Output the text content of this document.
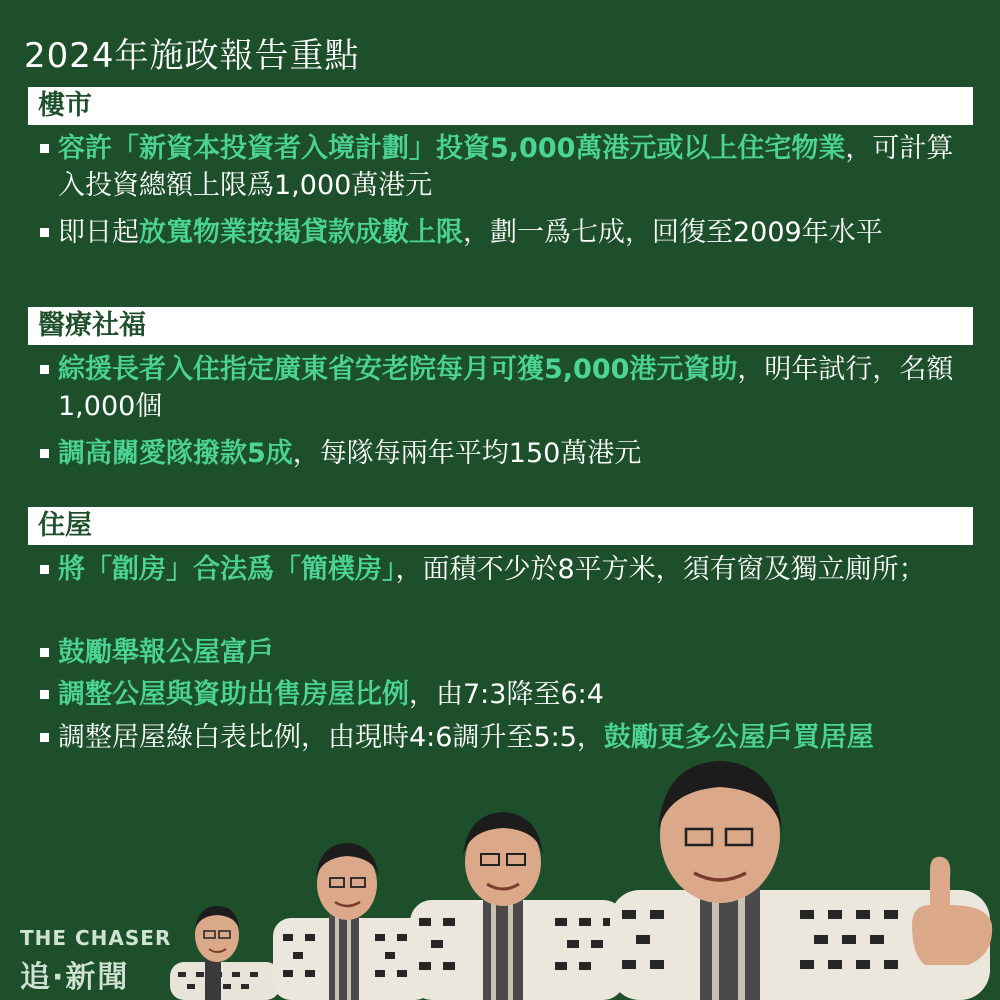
2024年施政報告重點
樓市
容許「新資本投資者入境計劃」投資5,000萬港元或以上住宅物業，可計算入投資總額上限爲1,000萬港元
即日起放寬物業按揭貸款成數上限，劃一爲七成，回復至2009年水平
醫療社福
綜援長者入住指定廣東省安老院每月可獲5,000港元資助，明年試行，名額1,000個
調高關愛隊撥款5成，每隊每兩年平均150萬港元
住屋
將「劏房」合法爲「簡樸房」，面積不少於8平方米，須有窗及獨立廁所；
鼓勵舉報公屋富戶
調整公屋與資助出售房屋比例，由7:3降至6:4
調整居屋綠白表比例，由現時4:6調升至5:5，鼓勵更多公屋戶買居屋
THE CHASER
追·新聞
